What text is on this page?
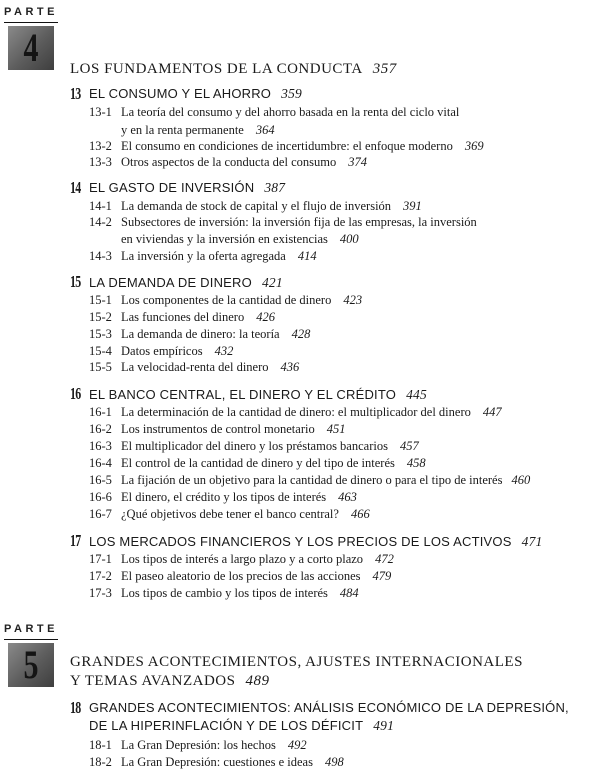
PARTE
4 LOS FUNDAMENTOS DE LA CONDUCTA 357
13 EL CONSUMO Y EL AHORRO 359
13-1 La teoría del consumo y del ahorro basada en la renta del ciclo vital
y en la renta permanente 364
13-2 El consumo en condiciones de incertidumbre: el enfoque moderno 369
13-3 Otros aspectos de la conducta del consumo 374
14 EL GASTO DE INVERSIÓN 387
14-1 La demanda de stock de capital y el flujo de inversión 391
14-2 Subsectores de inversión: la inversión fija de las empresas, la inversión
en viviendas y la inversión en existencias 400
14-3 La inversión y la oferta agregada 414
15 LA DEMANDA DE DINERO 421
15-1 Los componentes de la cantidad de dinero 423
15-2 Las funciones del dinero 426
15-3 La demanda de dinero: la teoría 428
15-4 Datos empíricos 432
15-5 La velocidad-renta del dinero 436
16 EL BANCO CENTRAL, EL DINERO Y EL CRÉDITO 445
16-1 La determinación de la cantidad de dinero: el multiplicador del dinero 447
16-2 Los instrumentos de control monetario 451
16-3 El multiplicador del dinero y los préstamos bancarios 457
16-4 El control de la cantidad de dinero y del tipo de interés 458
16-5 La fijación de un objetivo para la cantidad de dinero o para el tipo de interés 460
16-6 El dinero, el crédito y los tipos de interés 463
16-7 ¿Qué objetivos debe tener el banco central? 466
17 LOS MERCADOS FINANCIEROS Y LOS PRECIOS DE LOS ACTIVOS 471
17-1 Los tipos de interés a largo plazo y a corto plazo 472
17-2 El paseo aleatorio de los precios de las acciones 479
17-3 Los tipos de cambio y los tipos de interés 484
PARTE
5 GRANDES ACONTECIMIENTOS, AJUSTES INTERNACIONALES
Y TEMAS AVANZADOS 489
18 GRANDES ACONTECIMIENTOS: ANÁLISIS ECONÓMICO DE LA DEPRESIÓN,
DE LA HIPERINFLACIÓN Y DE LOS DÉFICIT 491
18-1 La Gran Depresión: los hechos 492
18-2 La Gran Depresión: cuestiones e ideas 498
